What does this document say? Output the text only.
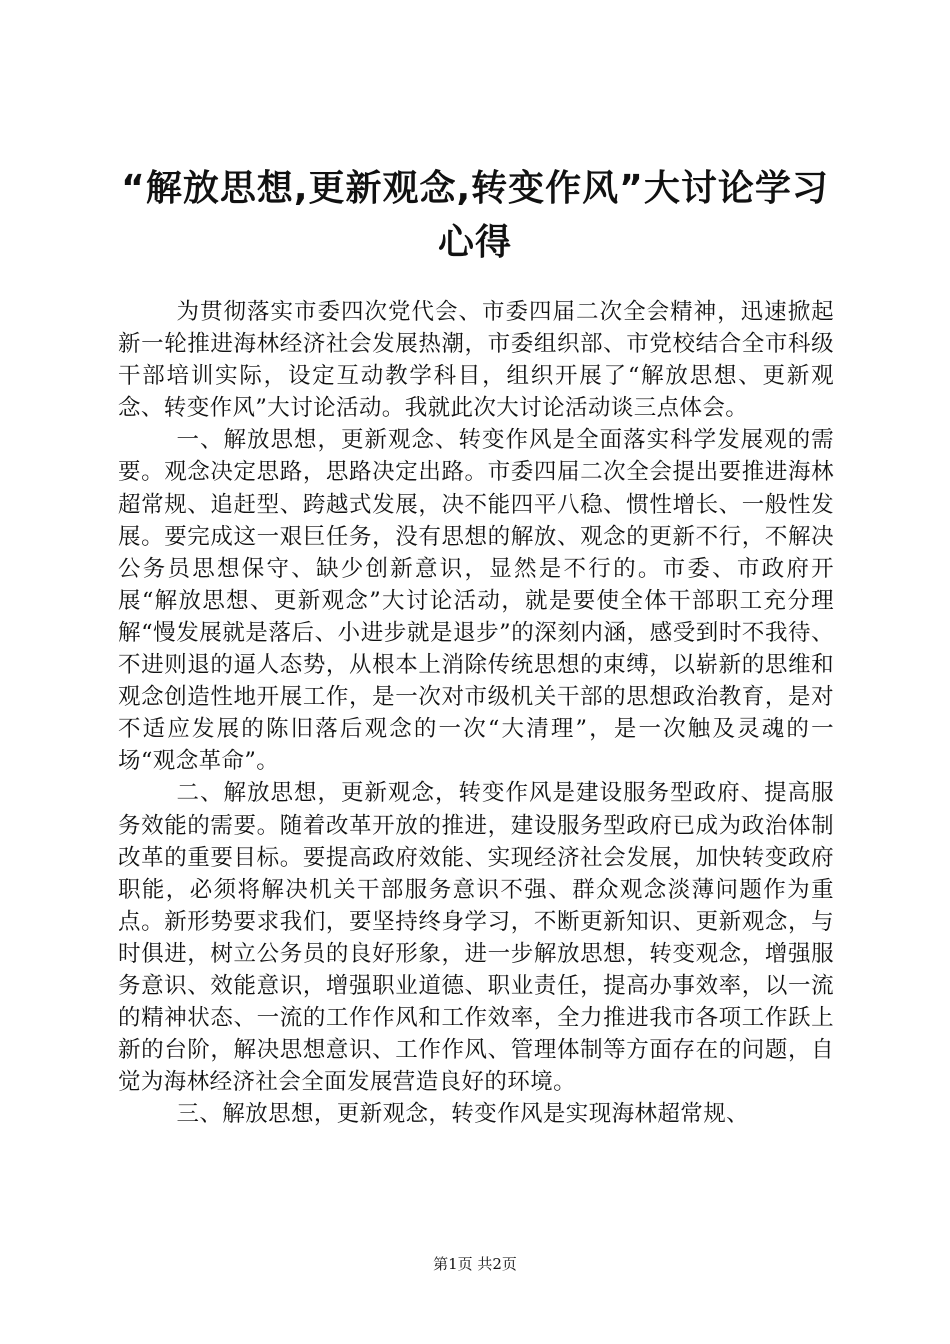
“解放思想,更新观念,转变作风”大讨论学习心得

为贯彻落实市委四次党代会、市委四届二次全会精神，迅速掀起新一轮推进海林经济社会发展热潮，市委组织部、市党校结合全市科级干部培训实际，设定互动教学科目，组织开展了“解放思想、更新观念、转变作风”大讨论活动。我就此次大讨论活动谈三点体会。

一、解放思想，更新观念、转变作风是全面落实科学发展观的需要。观念决定思路，思路决定出路。市委四届二次全会提出要推进海林超常规、追赶型、跨越式发展，决不能四平八稳、惯性增长、一般性发展。要完成这一艰巨任务，没有思想的解放、观念的更新不行，不解决公务员思想保守、缺少创新意识，显然是不行的。市委、市政府开展“解放思想、更新观念”大讨论活动，就是要使全体干部职工充分理解“慢发展就是落后、小进步就是退步”的深刻内涵，感受到时不我待、不进则退的逼人态势，从根本上消除传统思想的束缚，以崭新的思维和观念创造性地开展工作，是一次对市级机关干部的思想政治教育，是对不适应发展的陈旧落后观念的一次“大清理”，是一次触及灵魂的一场“观念革命”。

二、解放思想，更新观念，转变作风是建设服务型政府、提高服务效能的需要。随着改革开放的推进，建设服务型政府已成为政治体制改革的重要目标。要提高政府效能、实现经济社会发展，加快转变政府职能，必须将解决机关干部服务意识不强、群众观念淡薄问题作为重点。新形势要求我们，要坚持终身学习，不断更新知识、更新观念，与时俱进，树立公务员的良好形象，进一步解放思想，转变观念，增强服务意识、效能意识，增强职业道德、职业责任，提高办事效率，以一流的精神状态、一流的工作作风和工作效率，全力推进我市各项工作跃上新的台阶，解决思想意识、工作作风、管理体制等方面存在的问题，自觉为海林经济社会全面发展营造良好的环境。

三、解放思想，更新观念，转变作风是实现海林超常规、

第1页 共2页
